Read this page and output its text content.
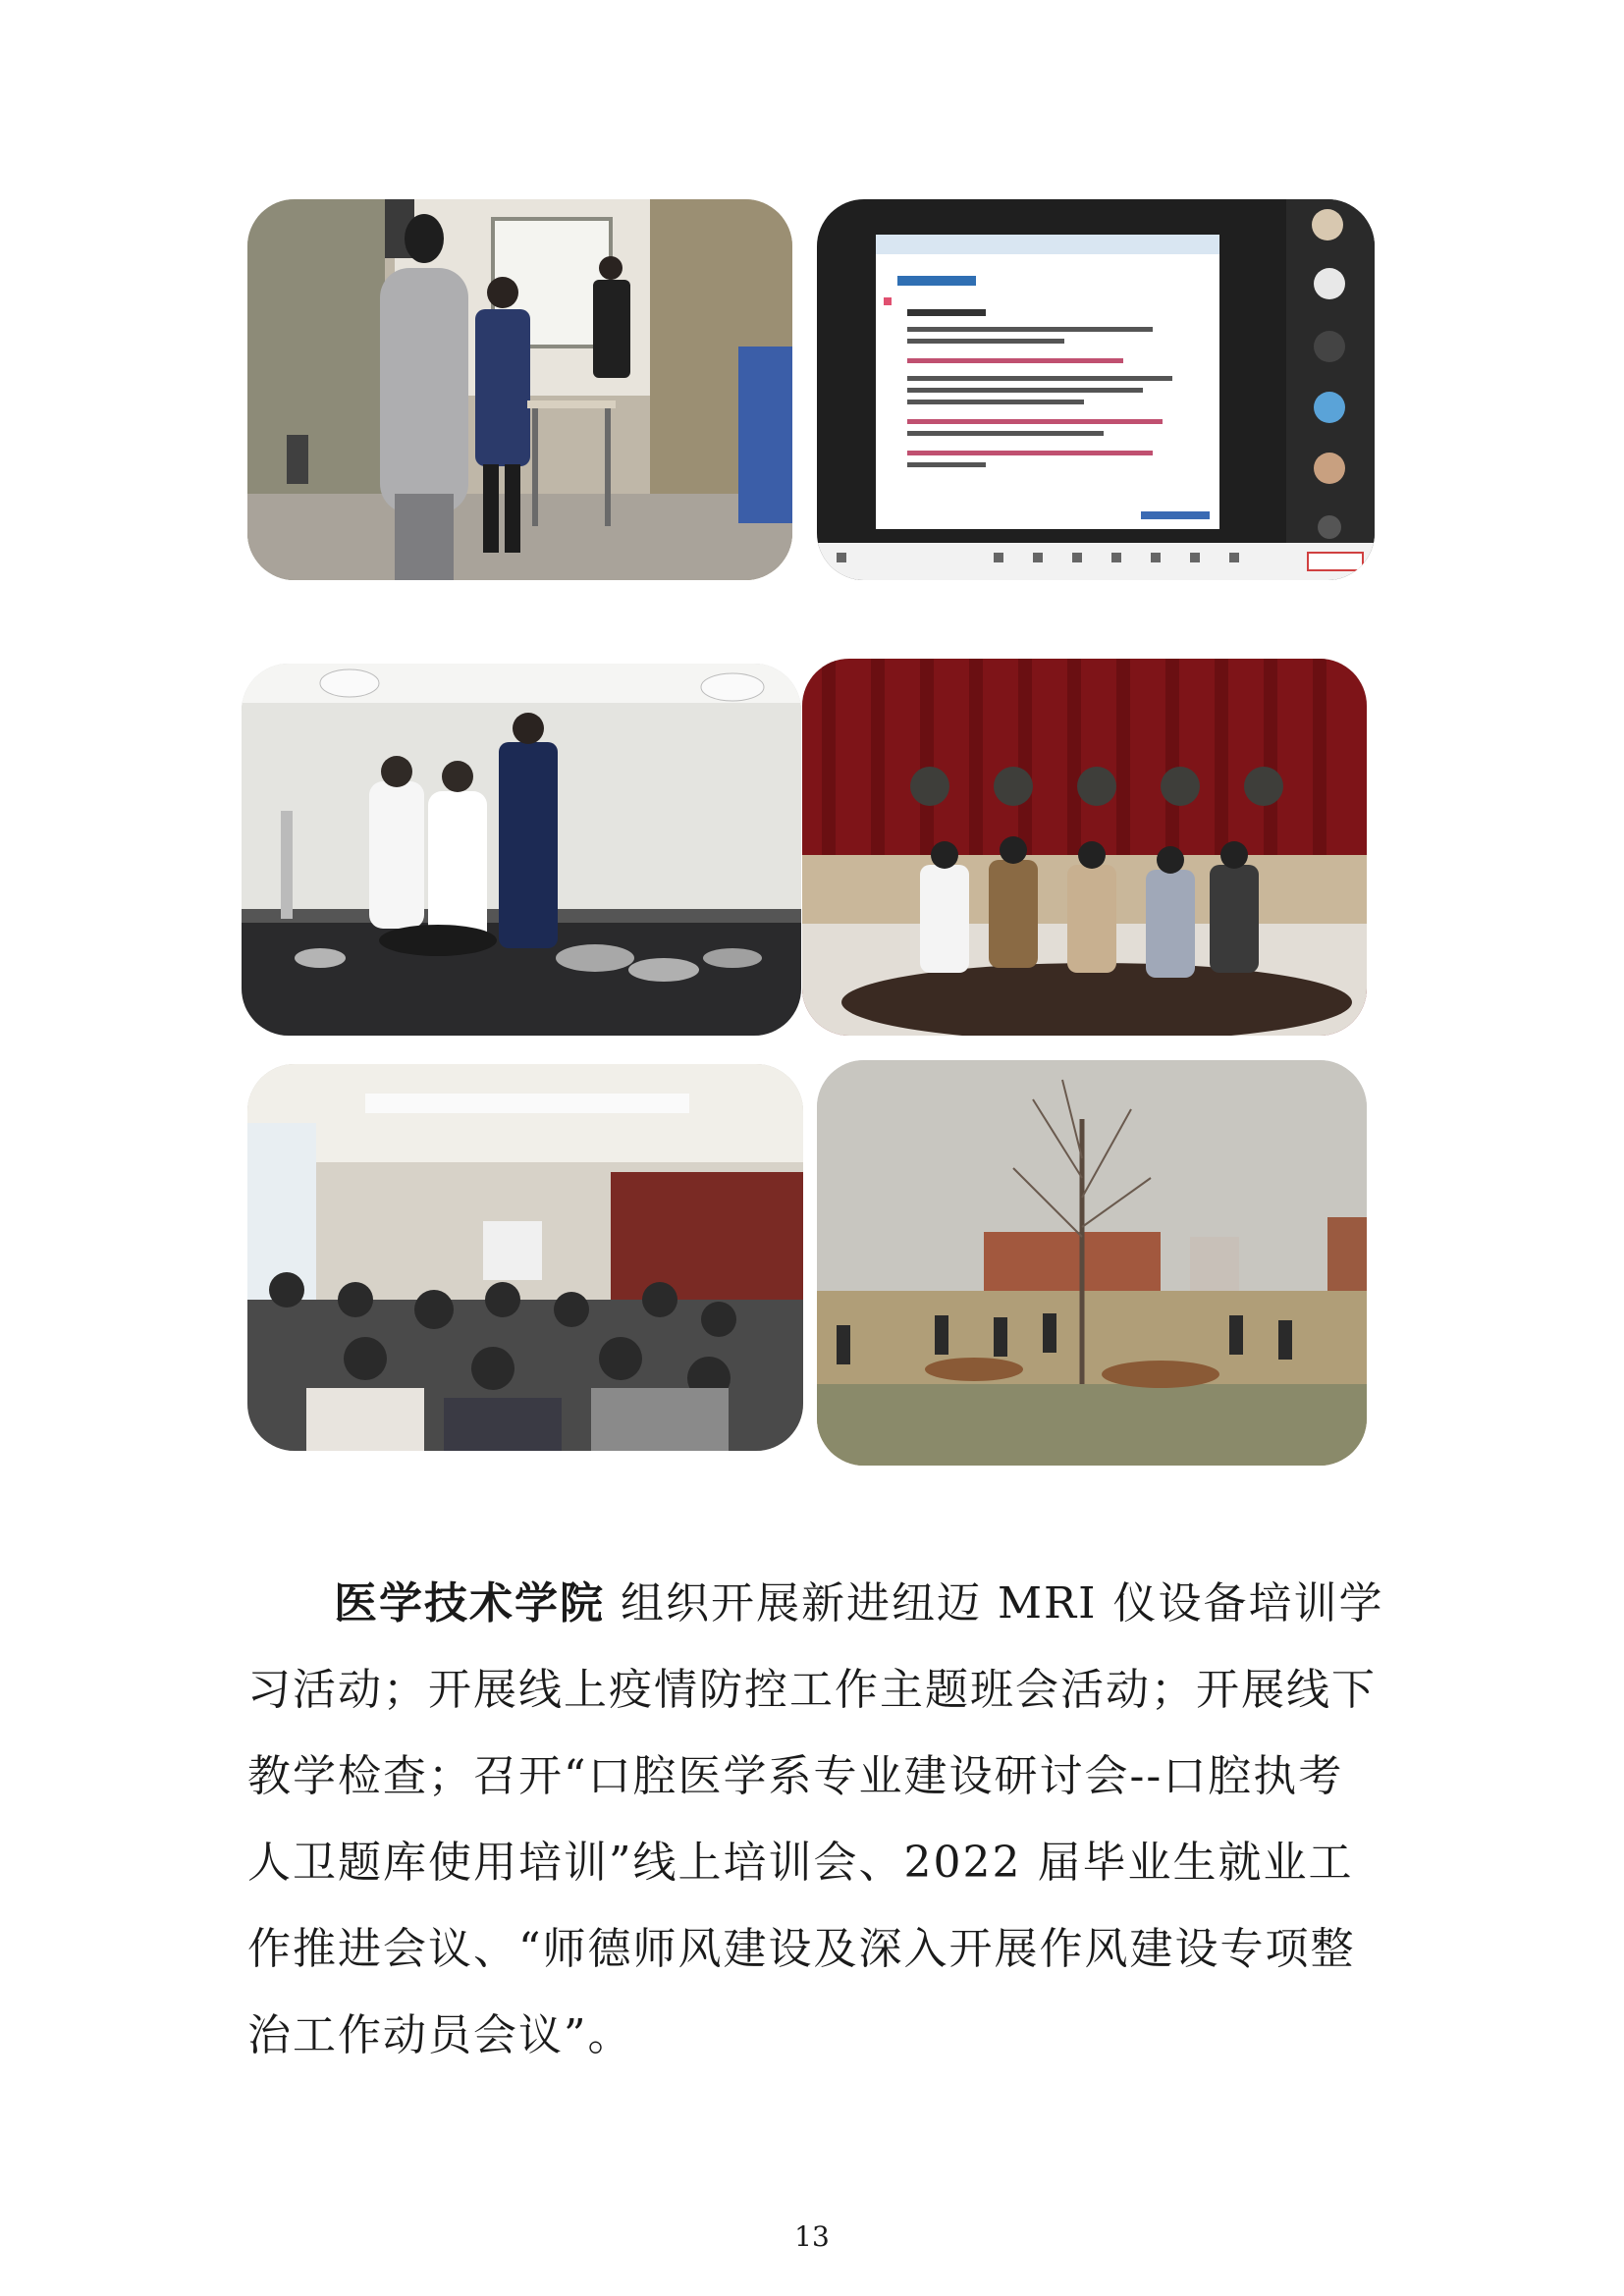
医学技术学院 组织开展新进纽迈 MRI 仪设备培训学习活动；开展线上疫情防控工作主题班会活动；开展线下教学检查；召开“口腔医学系专业建设研讨会--口腔执考人卫题库使用培训”线上培训会、2022 届毕业生就业工作推进会议、“师德师风建设及深入开展作风建设专项整治工作动员会议”。

13
